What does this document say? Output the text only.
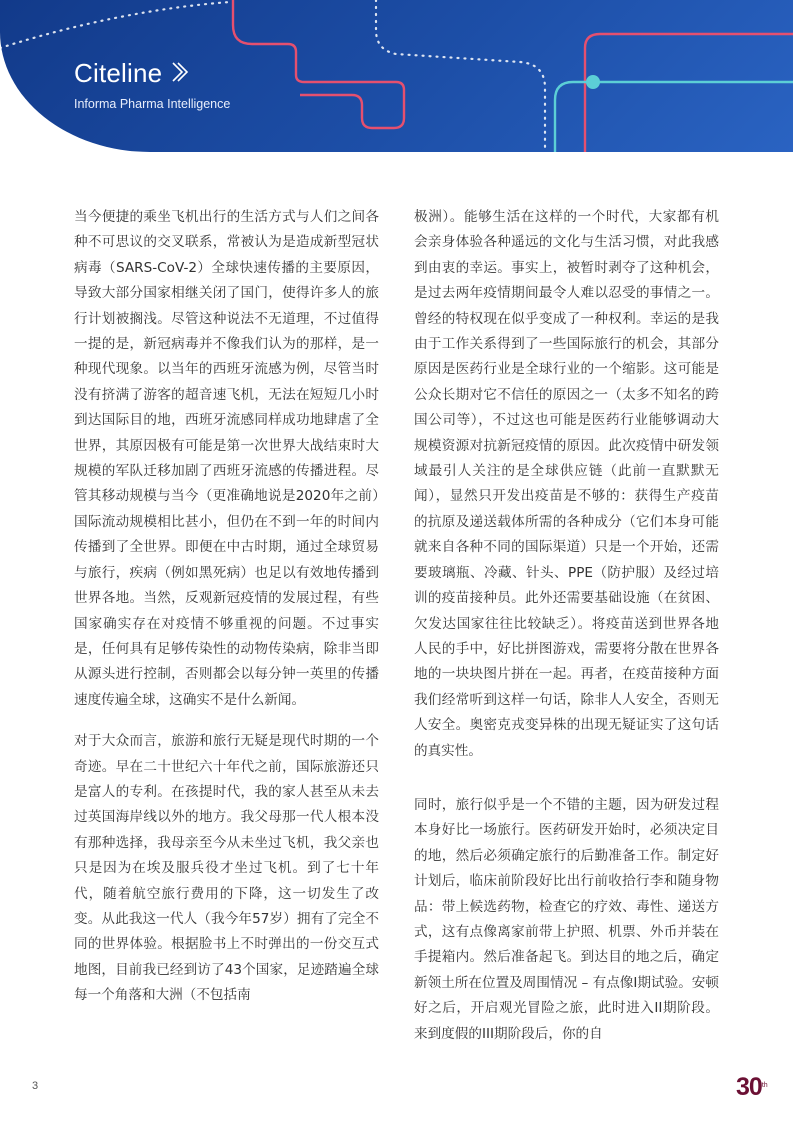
Citeline
Informa Pharma Intelligence

当今便捷的乘坐飞机出行的生活方式与人们之间各种不可思议的交叉联系，常被认为是造成新型冠状病毒（SARS-CoV-2）全球快速传播的主要原因，导致大部分国家相继关闭了国门，使得许多人的旅行计划被搁浅。尽管这种说法不无道理，不过值得一提的是，新冠病毒并不像我们认为的那样，是一种现代现象。以当年的西班牙流感为例，尽管当时没有挤满了游客的超音速飞机，无法在短短几小时到达国际目的地，西班牙流感同样成功地肆虐了全世界，其原因极有可能是第一次世界大战结束时大规模的军队迁移加剧了西班牙流感的传播进程。尽管其移动规模与当今（更准确地说是2020年之前）国际流动规模相比甚小，但仍在不到一年的时间内传播到了全世界。即便在中古时期，通过全球贸易与旅行，疾病（例如黑死病）也足以有效地传播到世界各地。当然，反观新冠疫情的发展过程，有些国家确实存在对疫情不够重视的问题。不过事实是，任何具有足够传染性的动物传染病，除非当即从源头进行控制，否则都会以每分钟一英里的传播速度传遍全球，这确实不是什么新闻。

对于大众而言，旅游和旅行无疑是现代时期的一个奇迹。早在二十世纪六十年代之前，国际旅游还只是富人的专利。在孩提时代，我的家人甚至从未去过英国海岸线以外的地方。我父母那一代人根本没有那种选择，我母亲至今从未坐过飞机，我父亲也只是因为在埃及服兵役才坐过飞机。到了七十年代，随着航空旅行费用的下降，这一切发生了改变。从此我这一代人（我今年57岁）拥有了完全不同的世界体验。根据脸书上不时弹出的一份交互式地图，目前我已经到访了43个国家，足迹踏遍全球每一个角落和大洲（不包括南

极洲）。能够生活在这样的一个时代，大家都有机会亲身体验各种遥远的文化与生活习惯，对此我感到由衷的幸运。事实上，被暂时剥夺了这种机会，是过去两年疫情期间最令人难以忍受的事情之一。曾经的特权现在似乎变成了一种权利。幸运的是我由于工作关系得到了一些国际旅行的机会，其部分原因是医药行业是全球行业的一个缩影。这可能是公众长期对它不信任的原因之一（太多不知名的跨国公司等），不过这也可能是医药行业能够调动大规模资源对抗新冠疫情的原因。此次疫情中研发领域最引人关注的是全球供应链（此前一直默默无闻），显然只开发出疫苗是不够的：获得生产疫苗的抗原及递送载体所需的各种成分（它们本身可能就来自各种不同的国际渠道）只是一个开始，还需要玻璃瓶、冷藏、针头、PPE（防护服）及经过培训的疫苗接种员。此外还需要基础设施（在贫困、欠发达国家往往比较缺乏）。将疫苗送到世界各地人民的手中，好比拼图游戏，需要将分散在世界各地的一块块图片拼在一起。再者，在疫苗接种方面我们经常听到这样一句话，除非人人安全，否则无人安全。奥密克戎变异株的出现无疑证实了这句话的真实性。

同时，旅行似乎是一个不错的主题，因为研发过程本身好比一场旅行。医药研发开始时，必须决定目的地，然后必须确定旅行的后勤准备工作。制定好计划后，临床前阶段好比出行前收拾行李和随身物品：带上候选药物，检查它的疗效、毒性、递送方式，这有点像离家前带上护照、机票、外币并装在手提箱内。然后准备起飞。到达目的地之后，确定新领土所在位置及周围情况 – 有点像I期试验。安顿好之后，开启观光冒险之旅，此时进入II期阶段。来到度假的III期阶段后，你的自

3	30th
